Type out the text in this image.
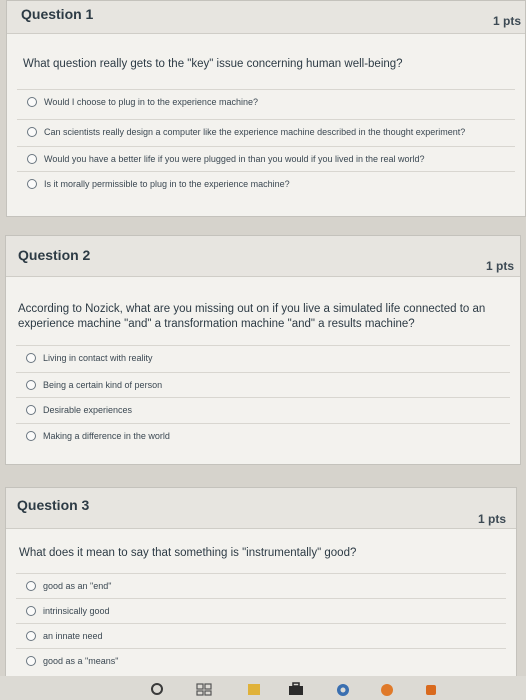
Question 1	1 pts
What question really gets to the "key" issue concerning human well-being?
Would I choose to plug in to the experience machine?
Can scientists really design a computer like the experience machine described in the thought experiment?
Would you have a better life if you were plugged in than you would if you lived in the real world?
Is it morally permissible to plug in to the experience machine?
Question 2
1 pts
According to Nozick, what are you missing out on if you live a simulated life connected to an experience machine "and" a transformation machine "and" a results machine?
Living in contact with reality
Being a certain kind of person
Desirable experiences
Making a difference in the world
Question 3
1 pts
What does it mean to say that something is "instrumentally" good?
good as an "end"
intrinsically good
an innate need
good as a "means"
